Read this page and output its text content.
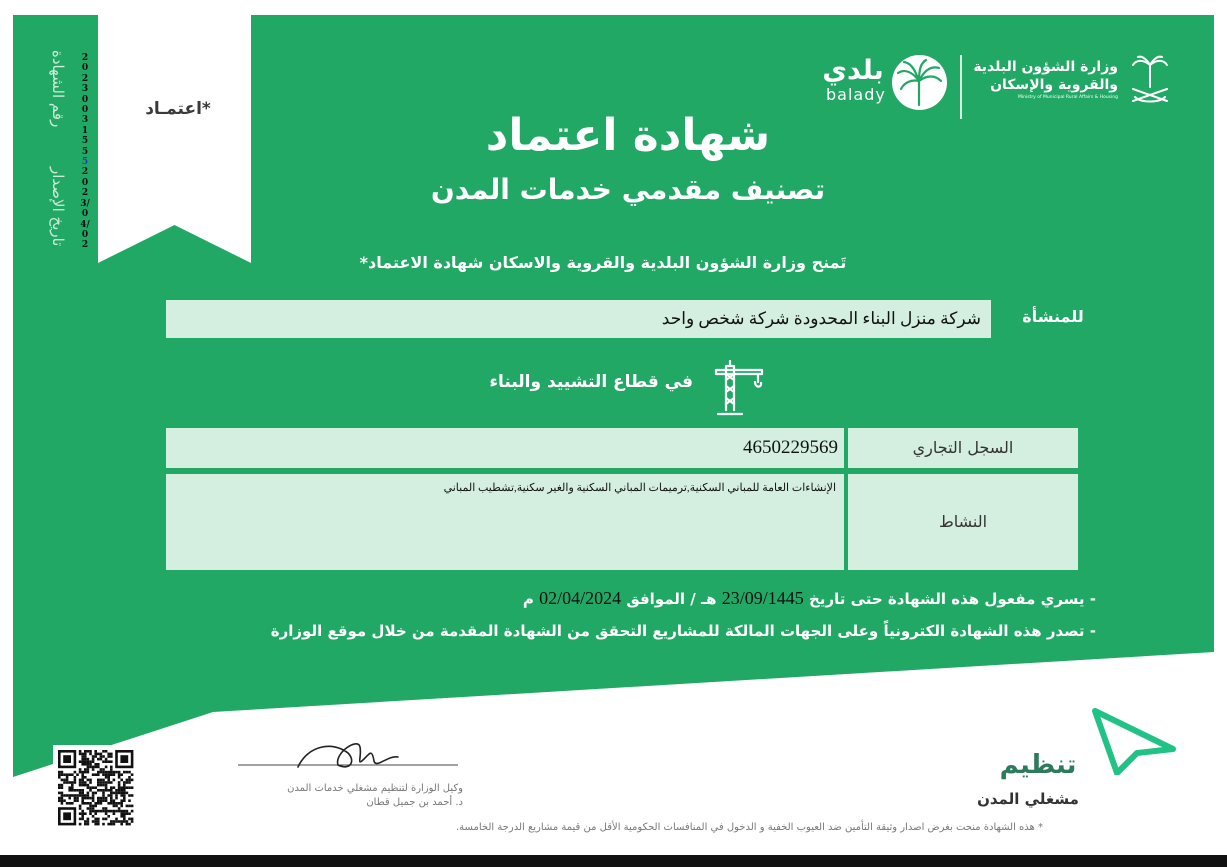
اعتمـاد*
رقم الشهادة
تاريخ الإصدار
202300315552023/04/02
بلدي
balady
وزارة الشؤون البلدية
والقروية والإسكان
Ministry of Municipal Rural Affairs & Housing
شهادة اعتماد
تصنيف مقدمي خدمات المدن
تَمنح وزارة الشؤون البلدية والقروية والاسكان شهادة الاعتماد*
للمنشأة
شركة منزل البناء المحدودة شركة شخص واحد
في قطاع التشييد والبناء
السجل التجاري
4650229569
النشاط
الإنشاءات العامة للمباني السكنية,ترميمات المباني السكنية والغير سكنية,تشطيب المباني
- يسري مفعول هذه الشهادة حتى تاريخ 23/09/1445 هـ / الموافق 02/04/2024 م
- تصدر هذه الشهادة الكترونياً وعلى الجهات المالكة للمشاريع التحقق من الشهادة المقدمة من خلال موقع الوزارة
تنظيم
مشغلي المدن
وكيل الوزارة لتنظيم مشغلي خدمات المدن
د. أحمد بن جميل قطان
* هذه الشهادة منحت بغرض اصدار وثيقة التأمين ضد العيوب الخفية و الدخول في المنافسات الحكومية الأقل من قيمة مشاريع الدرجة الخامسة.
